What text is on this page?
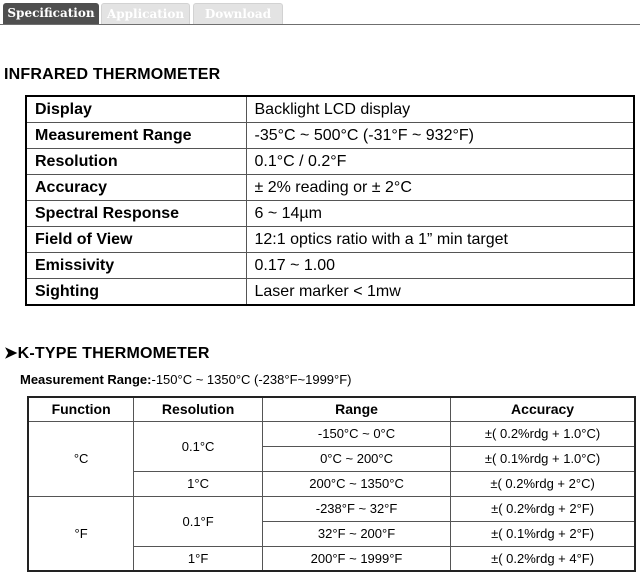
Specification	Application	Download
INFRARED THERMOMETER
Display	Backlight LCD display
Measurement Range	-35°C ~ 500°C (-31°F ~ 932°F)
Resolution	0.1°C / 0.2°F
Accuracy	± 2% reading or ± 2°C
Spectral Response	6 ~ 14µm
Field of View	12:1 optics ratio with a 1” min target
Emissivity	0.17 ~ 1.00
Sighting	Laser marker < 1mw
➤K-TYPE THERMOMETER
Measurement Range:-150°C ~ 1350°C (-238°F~1999°F)
Function	Resolution	Range	Accuracy
°C	0.1°C	-150°C ~ 0°C	±( 0.2%rdg + 1.0°C)
		0°C ~ 200°C	±( 0.1%rdg + 1.0°C)
	1°C	200°C ~ 1350°C	±( 0.2%rdg + 2°C)
°F	0.1°F	-238°F ~ 32°F	±( 0.2%rdg + 2°F)
		32°F ~ 200°F	±( 0.1%rdg + 2°F)
	1°F	200°F ~ 1999°F	±( 0.2%rdg + 4°F)
